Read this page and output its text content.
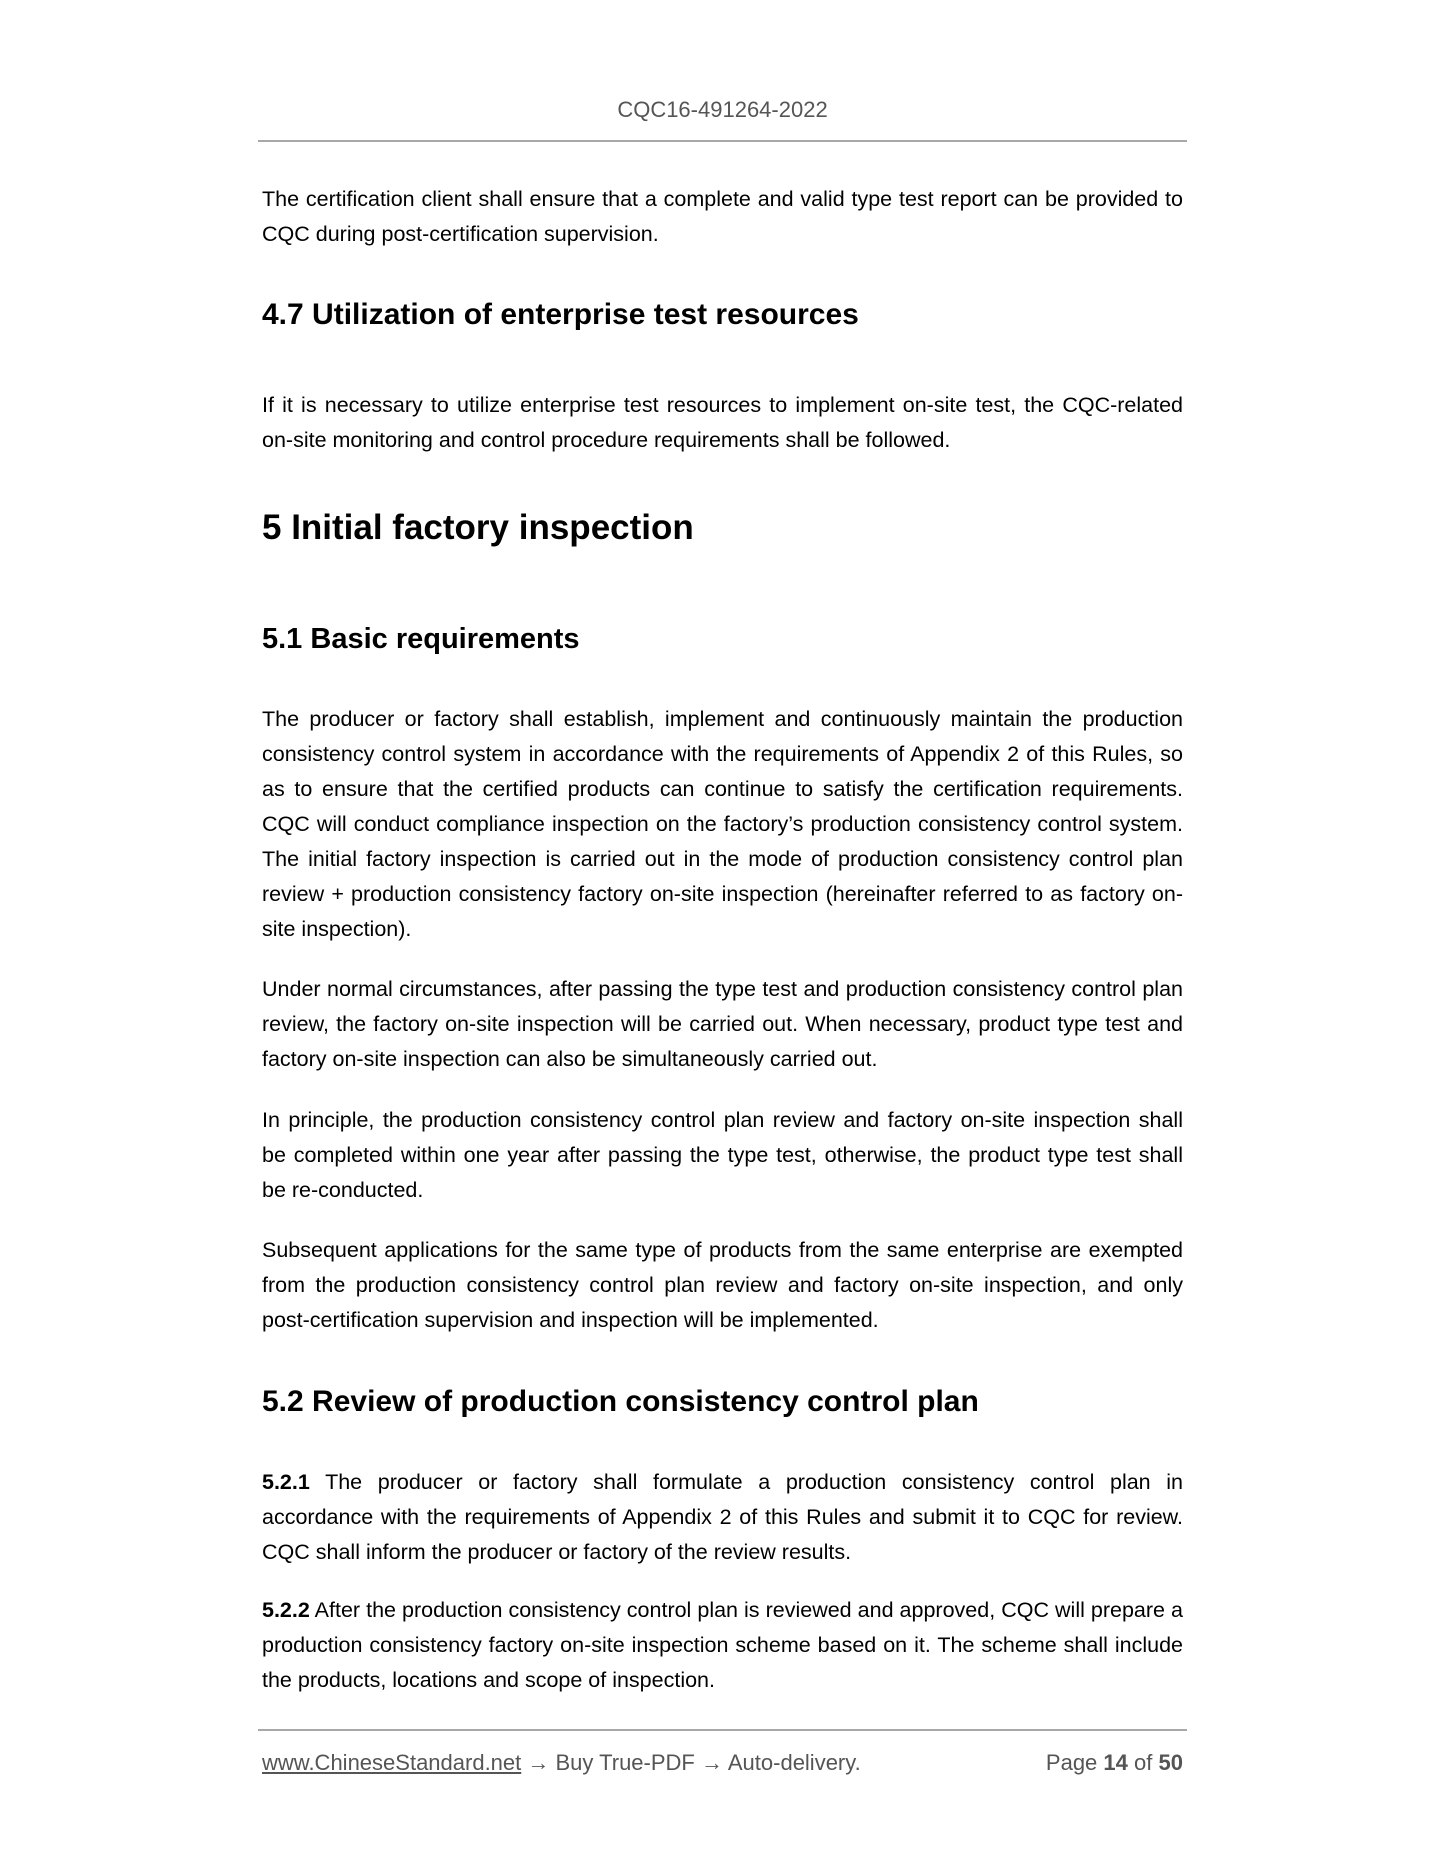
CQC16-491264-2022

The certification client shall ensure that a complete and valid type test report can be provided to CQC during post-certification supervision.

4.7 Utilization of enterprise test resources

If it is necessary to utilize enterprise test resources to implement on-site test, the CQC-related on-site monitoring and control procedure requirements shall be followed.

5 Initial factory inspection
5.1 Basic requirements

The producer or factory shall establish, implement and continuously maintain the production consistency control system in accordance with the requirements of Appendix 2 of this Rules, so as to ensure that the certified products can continue to satisfy the certification requirements. CQC will conduct compliance inspection on the factory’s production consistency control system. The initial factory inspection is carried out in the mode of production consistency control plan review + production consistency factory on-site inspection (hereinafter referred to as factory on-site inspection).

Under normal circumstances, after passing the type test and production consistency control plan review, the factory on-site inspection will be carried out. When necessary, product type test and factory on-site inspection can also be simultaneously carried out.

In principle, the production consistency control plan review and factory on-site inspection shall be completed within one year after passing the type test, otherwise, the product type test shall be re-conducted.

Subsequent applications for the same type of products from the same enterprise are exempted from the production consistency control plan review and factory on-site inspection, and only post-certification supervision and inspection will be implemented.

5.2 Review of production consistency control plan

5.2.1 The producer or factory shall formulate a production consistency control plan in accordance with the requirements of Appendix 2 of this Rules and submit it to CQC for review. CQC shall inform the producer or factory of the review results.

5.2.2 After the production consistency control plan is reviewed and approved, CQC will prepare a production consistency factory on-site inspection scheme based on it. The scheme shall include the products, locations and scope of inspection.

www.ChineseStandard.net → Buy True-PDF → Auto-delivery.	Page 14 of 50
